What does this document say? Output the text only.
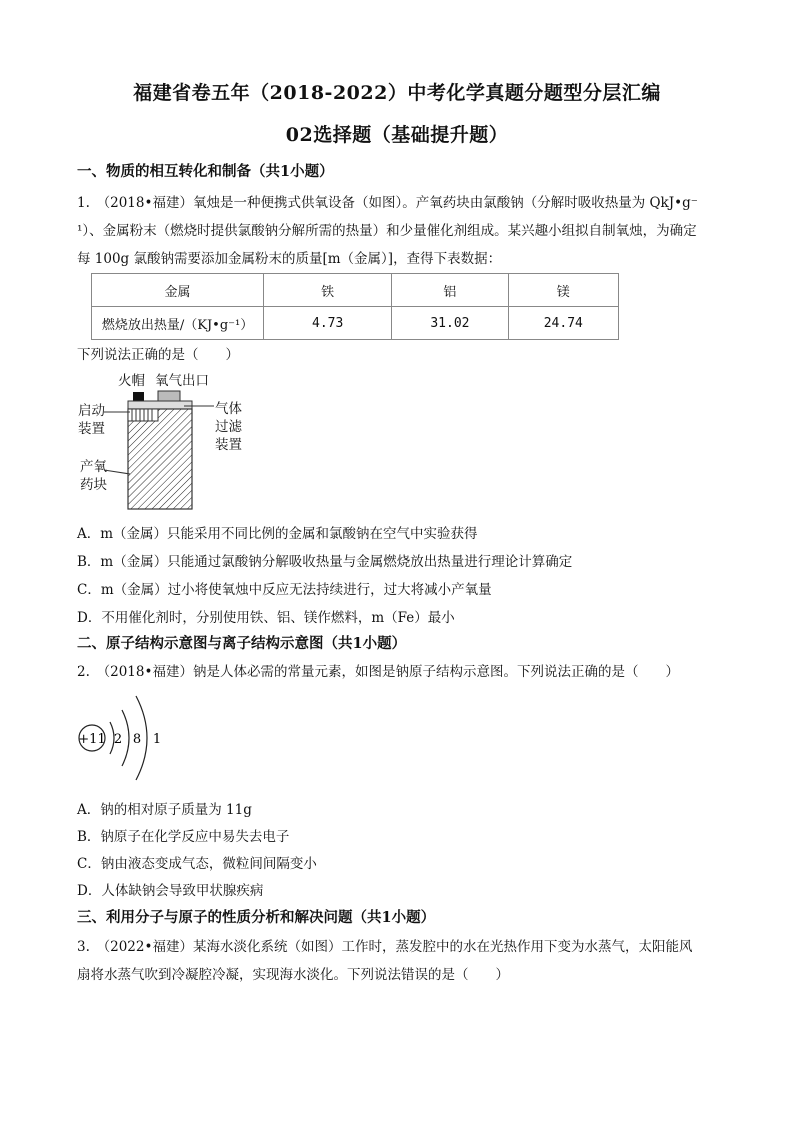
福建省卷五年（2018-2022）中考化学真题分题型分层汇编
02选择题（基础提升题）
一、物质的相互转化和制备（共1小题）
1.　（2018•福建）氧烛是一种便携式供氧设备（如图）。产氧药块由氯酸钠（分解时吸收热量为 QkJ•g⁻
¹）、金属粉末（燃烧时提供氯酸钠分解所需的热量）和少量催化剂组成。某兴趣小组拟自制氧烛，为确定
每 100g 氯酸钠需要添加金属粉末的质量[m（金属）]，查得下表数据：
金属	铁	铝	镁
燃烧放出热量/（KJ•g⁻¹）	4.73	31.02	24.74
下列说法正确的是（　　）
火帽 氧气出口
启动
装置
气体
过滤
装置
产氧
药块
A．m（金属）只能采用不同比例的金属和氯酸钠在空气中实验获得
B．m（金属）只能通过氯酸钠分解吸收热量与金属燃烧放出热量进行理论计算确定
C．m（金属）过小将使氧烛中反应无法持续进行，过大将减小产氧量
D．不用催化剂时，分别使用铁、铝、镁作燃料，m（Fe）最小
二、原子结构示意图与离子结构示意图（共1小题）
2.　（2018•福建）钠是人体必需的常量元素，如图是钠原子结构示意图。下列说法正确的是（　　）
+11 2 8 1
A．钠的相对原子质量为 11g
B．钠原子在化学反应中易失去电子
C．钠由液态变成气态，微粒间间隔变小
D．人体缺钠会导致甲状腺疾病
三、利用分子与原子的性质分析和解决问题（共1小题）
3.　（2022•福建）某海水淡化系统（如图）工作时，蒸发腔中的水在光热作用下变为水蒸气，太阳能风
扇将水蒸气吹到冷凝腔冷凝，实现海水淡化。下列说法错误的是（　　）
